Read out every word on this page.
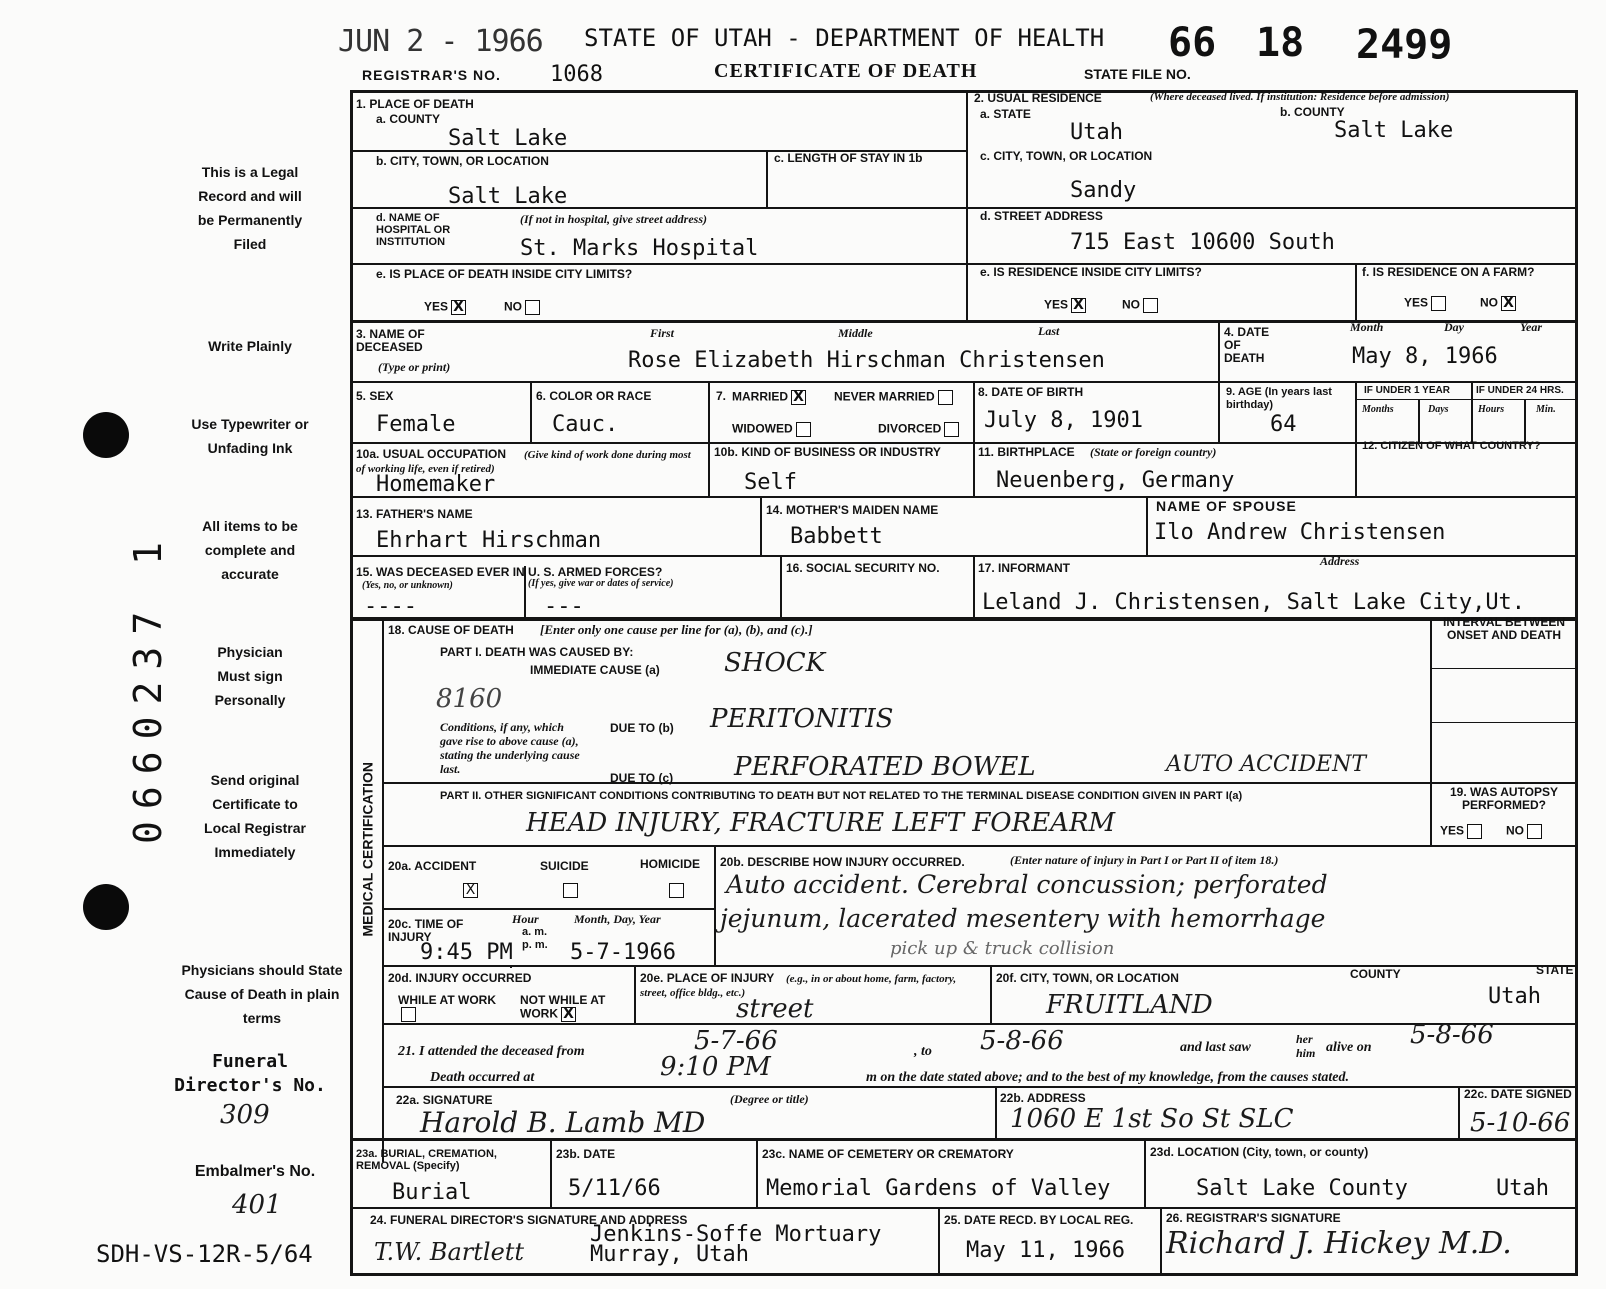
JUN 2 - 1966 STATE OF UTAH - DEPARTMENT OF HEALTH 66 18 2499
REGISTRAR'S NO. 1068	CERTIFICATE OF DEATH	STATE FILE NO.
This is a Legal Record and will be Permanently Filed
Write Plainly
Use Typewriter or Unfading Ink
All items to be complete and accurate
Physician Must sign Personally
Send original Certificate to Local Registrar Immediately
Physicians should State Cause of Death in plain terms
Funeral Director's No.
309
Embalmer's No.
401
SDH-VS-12R-5/64
0660237 1
1. PLACE OF DEATH
a. COUNTY
Salt Lake
b. CITY, TOWN, OR LOCATION
Salt Lake
c. LENGTH OF STAY IN 1b
d. NAME OF HOSPITAL OR INSTITUTION
(If not in hospital, give street address)
St. Marks Hospital
e. IS PLACE OF DEATH INSIDE CITY LIMITS?
YES X	NO
2. USUAL RESIDENCE	(Where deceased lived. If institution: Residence before admission)
a. STATE
Utah
b. COUNTY
Salt Lake
c. CITY, TOWN, OR LOCATION
Sandy
d. STREET ADDRESS
715 East 10600 South
e. IS RESIDENCE INSIDE CITY LIMITS?
YES X	NO
f. IS RESIDENCE ON A FARM?
YES	NO X
3. NAME OF DECEASED
(Type or print)
First	Middle	Last
Rose Elizabeth Hirschman Christensen
4. DATE OF DEATH
Month	Day	Year
May 8, 1966
5. SEX
Female
6. COLOR OR RACE
Cauc.
7. MARRIED X	NEVER MARRIED
WIDOWED	DIVORCED
8. DATE OF BIRTH
July 8, 1901
9. AGE (In years last birthday)
64
IF UNDER 1 YEAR	IF UNDER 24 HRS.
Months	Days	Hours	Min.
10a. USUAL OCCUPATION	(Give kind of work done during most of working life, even if retired)
Homemaker
10b. KIND OF BUSINESS OR INDUSTRY
Self
11. BIRTHPLACE (State or foreign country)
Neuenberg, Germany
12. CITIZEN OF WHAT COUNTRY?
13. FATHER'S NAME
Ehrhart Hirschman
14. MOTHER'S MAIDEN NAME
Babbett
NAME OF SPOUSE
Ilo Andrew Christensen
15. WAS DECEASED EVER IN U. S. ARMED FORCES?
(Yes, no, or unknown)	(If yes, give war or dates of service)
----	---
16. SOCIAL SECURITY NO.	17. INFORMANT	Address
Leland J. Christensen, Salt Lake City,Ut.
MEDICAL CERTIFICATION
18. CAUSE OF DEATH [Enter only one cause per line for (a), (b), and (c).]	INTERVAL BETWEEN ONSET AND DEATH
PART I. DEATH WAS CAUSED BY:
IMMEDIATE CAUSE (a) SHOCK
8160
Conditions, if any, which gave rise to above cause (a), stating the underlying cause last.
DUE TO (b) PERITONITIS
DUE TO (c) PERFORATED BOWEL	AUTO ACCIDENT
PART II. OTHER SIGNIFICANT CONDITIONS CONTRIBUTING TO DEATH BUT NOT RELATED TO THE TERMINAL DISEASE CONDITION GIVEN IN PART I(a)
HEAD INJURY, FRACTURE LEFT FOREARM
19. WAS AUTOPSY PERFORMED?
YES	NO
20a. ACCIDENT	SUICIDE	HOMICIDE
X
20b. DESCRIBE HOW INJURY OCCURRED.	(Enter nature of injury in Part I or Part II of item 18.)
Auto accident. Cerebral concussion; perforated
jejunum, lacerated mesentery with hemorrhage
pick up & truck collision
20c. TIME OF INJURY
Hour
a. m. p. m.
Month, Day, Year
9:45 PM	5-7-1966
20d. INJURY OCCURRED
WHILE AT WORK	NOT WHILE AT WORK X
20e. PLACE OF INJURY	(e.g., in or about home, farm, factory, street, office bldg., etc.)
street
20f. CITY, TOWN, OR LOCATION	COUNTY	STATE
FRUITLAND	Utah
21. I attended the deceased from	5-7-66	, to 5-8-66	and last saw
her him alive on 5-8-66
Death occurred at	9:10 PM	m on the date stated above; and to the best of my knowledge, from the causes stated.
22a. SIGNATURE	(Degree or title)
Harold B. Lamb MD
22b. ADDRESS
1060 E 1st So St SLC
22c. DATE SIGNED
5-10-66
23a. BURIAL, CREMATION, REMOVAL (Specify)
Burial
23b. DATE
5/11/66
23c. NAME OF CEMETERY OR CREMATORY
Memorial Gardens of Valley
23d. LOCATION (City, town, or county)
Salt Lake County	Utah
24. FUNERAL DIRECTOR'S SIGNATURE AND ADDRESS
Jenkins-Soffe Mortuary
Murray, Utah
T.W. Bartlett
25. DATE RECD. BY LOCAL REG.
May 11, 1966
26. REGISTRAR'S SIGNATURE
Richard J. Hickey M.D.
